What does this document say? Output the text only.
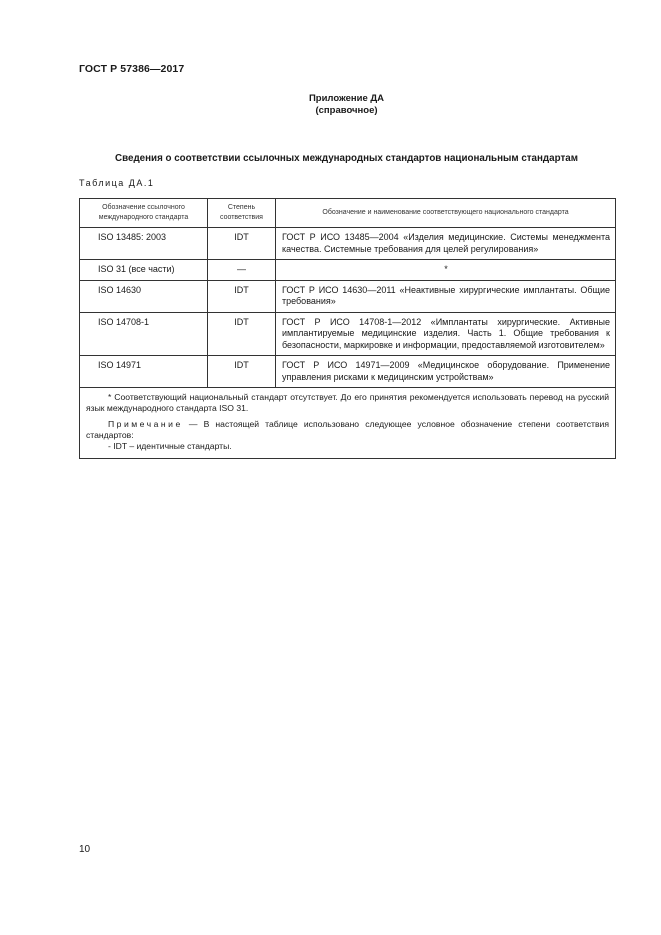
ГОСТ Р 57386—2017
Приложение ДА
(справочное)
Сведения о соответствии ссылочных международных стандартов национальным стандартам
Таблица ДА.1
Обозначение ссылочного международного стандарта	Степень соответствия	Обозначение и наименование соответствующего национального стандарта
ISO 13485: 2003	IDT	ГОСТ Р ИСО 13485—2004 «Изделия медицинские. Системы менеджмента качества. Системные требования для целей регулирования»
ISO 31 (все части)	—	*
ISO 14630	IDT	ГОСТ Р ИСО 14630—2011 «Неактивные хирургические имплантаты. Общие требования»
ISO 14708-1	IDT	ГОСТ Р ИСО 14708-1—2012 «Имплантаты хирургические. Активные имплантируемые медицинские изделия. Часть 1. Общие требования к безопасности, маркировке и информации, предоставляемой изготовителем»
ISO 14971	IDT	ГОСТ Р ИСО 14971—2009 «Медицинское оборудование. Применение управления рисками к медицинским устройствам»

* Соответствующий национальный стандарт отсутствует. До его принятия рекомендуется использовать перевод на русский язык международного стандарта ISO 31.
Примечание — В настоящей таблице использовано следующее условное обозначение степени соответствия стандартов:
- IDT – идентичные стандарты.		
10
